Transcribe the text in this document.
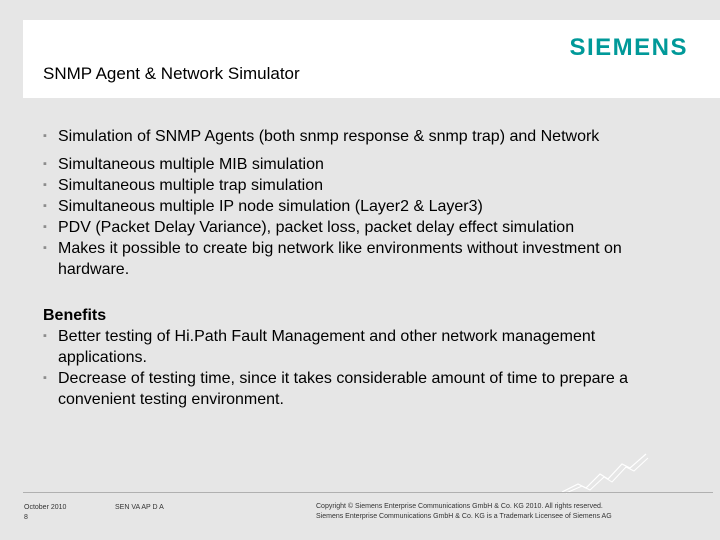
SIEMENS
SNMP Agent & Network Simulator
▪ Simulation of SNMP Agents (both snmp response & snmp trap) and Network
▪ Simultaneous multiple MIB simulation
▪ Simultaneous multiple trap simulation
▪ Simultaneous multiple IP node simulation (Layer2 & Layer3)
▪ PDV (Packet Delay Variance), packet loss, packet delay effect simulation
▪ Makes it possible to create big network like environments without investment on hardware.
Benefits
▪ Better testing of Hi.Path Fault Management and other network management applications.
▪ Decrease of testing time, since it takes considerable amount of time to prepare a convenient testing environment.
October 2010
8
SEN VA AP D A	Copyright © Siemens Enterprise Communications GmbH & Co. KG 2010. All rights reserved.
Siemens Enterprise Communications GmbH & Co. KG is a Trademark Licensee of Siemens AG
